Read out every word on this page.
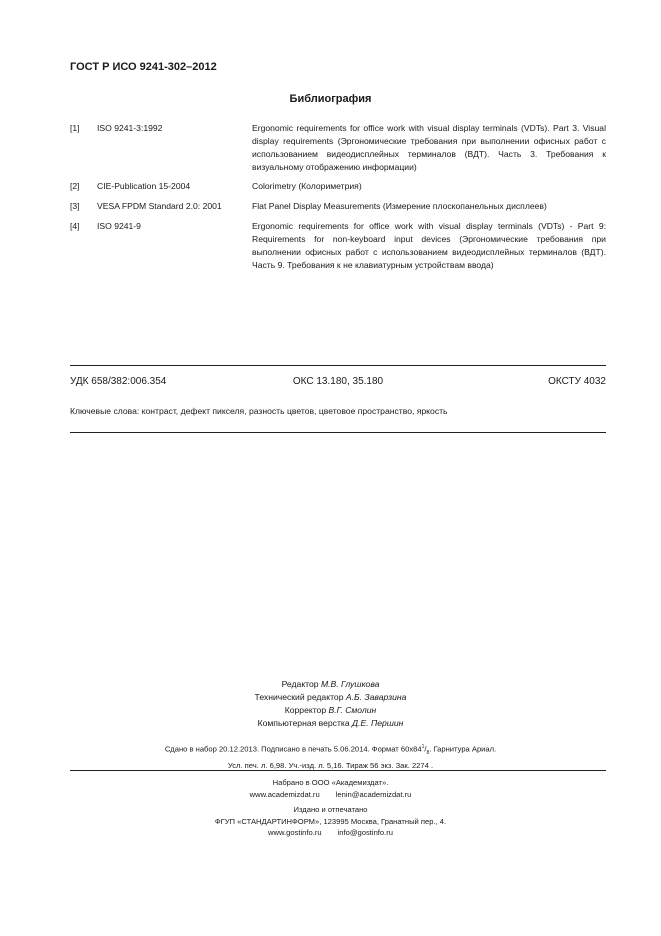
ГОСТ Р ИСО 9241-302–2012
Библиография
[1] ISO 9241-3:1992	Ergonomic requirements for office work with visual display terminals (VDTs). Part 3. Visual display requirements (Эргономические требования при выполнении офисных работ с использованием видеодисплейных терминалов (ВДТ). Часть 3. Требования к визуальному отображению информации)
[2] CIE-Publication 15-2004	Colorimetry (Колориметрия)
[3] VESA FPDM Standard 2.0: 2001	Flat Panel Display Measurements (Измерение плоскопанельных дисплеев)
[4] ISO 9241-9	Ergonomic requirements for office work with visual display terminals (VDTs) - Part 9: Requirements for non-keyboard input devices (Эргономические требования при выполнении офисных работ с использованием видеодисплейных терминалов (ВДТ). Часть 9. Требования к не клавиатурным устройствам ввода)
УДК 658/382:006.354	ОКС 13.180, 35.180	ОКСТУ 4032
Ключевые слова: контраст, дефект пикселя, разность цветов, цветовое пространство, яркость
Редактор М.В. Глушкова
Технический редактор А.Б. Заварзина
Корректор В.Г. Смолин
Компьютерная верстка Д.Е. Першин
Сдано в набор 20.12.2013. Подписано в печать 5.06.2014. Формат $60х84^1/_8$. Гарнитура Ариал.
Усл. печ. л. 6,98. Уч.-изд. л. 5,16. Тираж 56 экз. Зак. 2274 .
Набрано в ООО «Академиздат».
www.academizdat.ru lenin@academizdat.ru
Издано и отпечатано
ФГУП «СТАНДАРТИНФОРМ», 123995 Москва, Гранатный пер., 4.
www.gostinfo.ru info@gostinfo.ru
